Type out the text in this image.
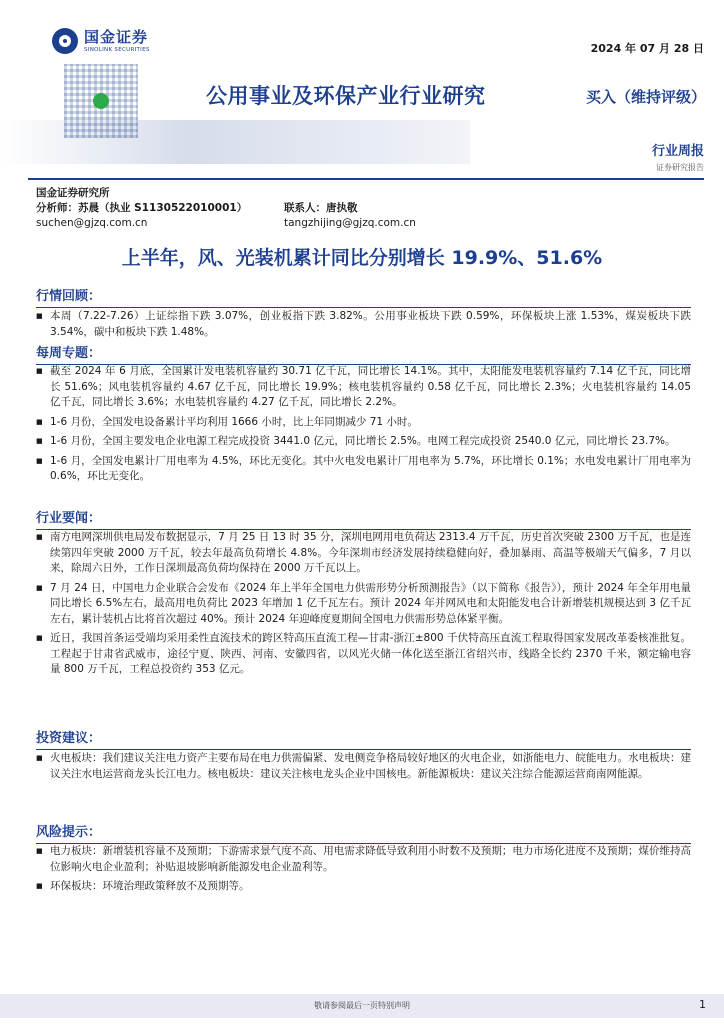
国金证券
SINOLINK SECURITIES	2024 年 07 月 28 日
公用事业及环保产业行业研究	买入（维持评级）
行业周报
证券研究报告
国金证券研究所
分析师：苏晨（执业 S1130522010001）	联系人：唐执敬
suchen@gjzq.com.cn	tangzhijing@gjzq.com.cn
上半年，风、光装机累计同比分别增长 19.9%、51.6%
行情回顾：
■ 本周（7.22-7.26）上证综指下跌 3.07%，创业板指下跌 3.82%。公用事业板块下跌 0.59%，环保板块上涨 1.53%，煤炭板块下跌 3.54%，碳中和板块下跌 1.48%。
每周专题：
■ 截至 2024 年 6 月底，全国累计发电装机容量约 30.71 亿千瓦，同比增长 14.1%。其中，太阳能发电装机容量约 7.14 亿千瓦，同比增长 51.6%；风电装机容量约 4.67 亿千瓦，同比增长 19.9%；核电装机容量约 0.58 亿千瓦，同比增长 2.3%；火电装机容量约 14.05 亿千瓦，同比增长 3.6%；水电装机容量约 4.27 亿千瓦，同比增长 2.2%。
■ 1-6 月份，全国发电设备累计平均利用 1666 小时，比上年同期减少 71 小时。
■ 1-6 月份，全国主要发电企业电源工程完成投资 3441.0 亿元，同比增长 2.5%。电网工程完成投资 2540.0 亿元，同比增长 23.7%。
■ 1-6 月，全国发电累计厂用电率为 4.5%，环比无变化。其中火电发电累计厂用电率为 5.7%，环比增长 0.1%；水电发电累计厂用电率为 0.6%，环比无变化。
行业要闻：
■ 南方电网深圳供电局发布数据显示，7 月 25 日 13 时 35 分，深圳电网用电负荷达 2313.4 万千瓦，历史首次突破 2300 万千瓦，也是连续第四年突破 2000 万千瓦，较去年最高负荷增长 4.8%。今年深圳市经济发展持续稳健向好，叠加暴雨、高温等极端天气偏多，7 月以来，除周六日外，工作日深圳最高负荷均保持在 2000 万千瓦以上。
■ 7 月 24 日，中国电力企业联合会发布《2024 年上半年全国电力供需形势分析预测报告》（以下简称《报告》），预计 2024 年全年用电量同比增长 6.5%左右，最高用电负荷比 2023 年增加 1 亿千瓦左右。预计 2024 年并网风电和太阳能发电合计新增装机规模达到 3 亿千瓦左右，累计装机占比将首次超过 40%。预计 2024 年迎峰度夏期间全国电力供需形势总体紧平衡。
■ 近日，我国首条运受端均采用柔性直流技术的跨区特高压直流工程—甘肃-浙江±800 千伏特高压直流工程取得国家发展改革委核准批复。工程起于甘肃省武威市，途径宁夏、陕西、河南、安徽四省，以风光火储一体化送至浙江省绍兴市，线路全长约 2370 千米，额定输电容量 800 万千瓦，工程总投资约 353 亿元。
投资建议：
■ 火电板块：我们建议关注电力资产主要布局在电力供需偏紧、发电侧竞争格局较好地区的火电企业，如浙能电力、皖能电力。水电板块：建议关注水电运营商龙头长江电力。核电板块：建议关注核电龙头企业中国核电。新能源板块：建议关注综合能源运营商南网能源。
风险提示：
■ 电力板块：新增装机容量不及预期；下游需求景气度不高、用电需求降低导致利用小时数不及预期；电力市场化进度不及预期；煤价维持高位影响火电企业盈利；补贴退坡影响新能源发电企业盈利等。
■ 环保板块：环境治理政策释放不及预期等。
敬请参阅最后一页特别声明	1
